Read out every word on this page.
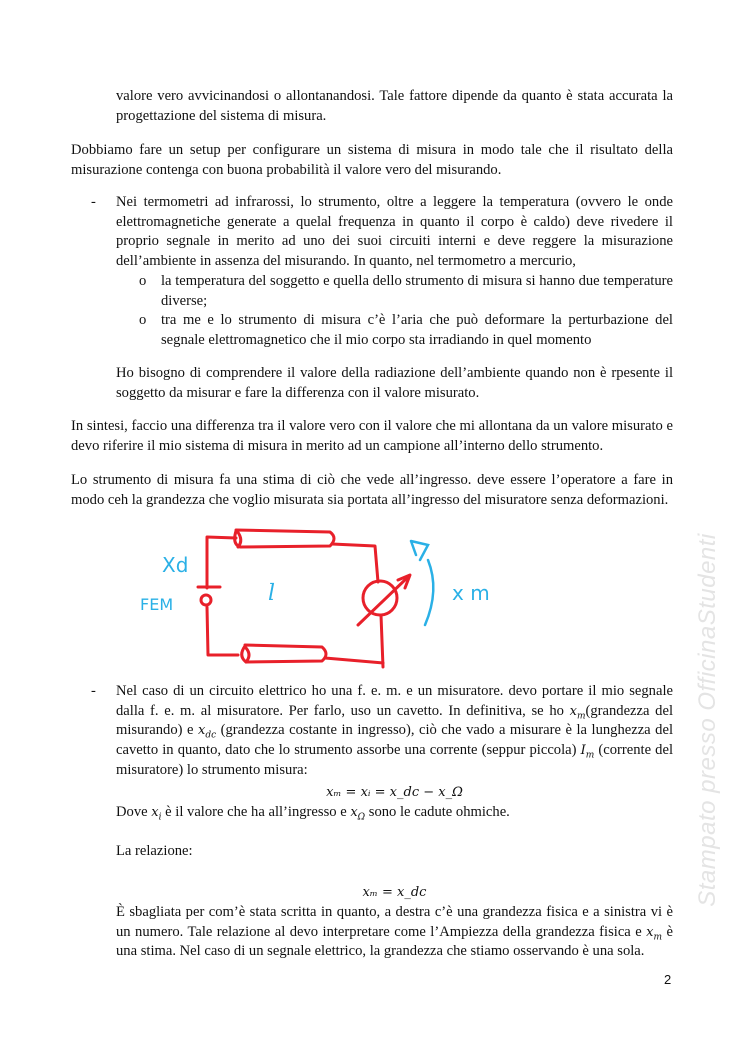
Stampato presso OfficinaStudenti
valore vero avvicinandosi o allontanandosi. Tale fattore dipende da quanto è stata accurata la progettazione del sistema di misura.
Dobbiamo fare un setup per configurare un sistema di misura in modo tale che il risultato della misurazione contenga con buona probabilità il valore vero del misurando.
- Nei termometri ad infrarossi, lo strumento, oltre a leggere la temperatura (ovvero le onde elettromagnetiche generate a quelal frequenza in quanto il corpo è caldo) deve rivedere il proprio segnale in merito ad uno dei suoi circuiti interni e deve reggere la misurazione dell’ambiente in assenza del misurando. In quanto, nel termometro a mercurio,
o la temperatura del soggetto e quella dello strumento di misura si hanno due temperature diverse;
o tra me e lo strumento di misura c’è l’aria che può deformare la perturbazione del segnale elettromagnetico che il mio corpo sta irradiando in quel momento
Ho bisogno di comprendere il valore della radiazione dell’ambiente quando non è rpesente il soggetto da misurar e fare la differenza con il valore misurato.
In sintesi, faccio una differenza tra il valore vero con il valore che mi allontana da un valore misurato e devo riferire il mio sistema di misura in merito ad un campione all’interno dello strumento.
Lo strumento di misura fa una stima di ciò che vede all’ingresso. deve essere l’operatore a fare in modo ceh la grandezza che voglio misurata sia portata all’ingresso del misuratore senza deformazioni.
Xd
FEM	l	x m
- Nel caso di un circuito elettrico ho una f. e. m. e un misuratore. devo portare il mio segnale dalla f. e. m. al misuratore. Per farlo, uso un cavetto. In definitiva, se ho $x_m(grandezza$ del misurando) e $x_{dc}$ (grandezza costante in ingresso), ciò che vado a misurare è la lunghezza del cavetto in quanto, dato che lo strumento assorbe una corrente (seppur piccola) $I_m$ (corrente del misuratore) lo strumento misura:
xₘ = xᵢ = x_dc − x_Ω
Dove $x_i$ è il valore che ha all’ingresso e $x_\Omega$ sono le cadute ohmiche.
La relazione:
xₘ = x_dc
È sbagliata per com’è stata scritta in quanto, a destra c’è una grandezza fisica e a sinistra vi è un numero. Tale relazione al devo interpretare come l’Ampiezza della grandezza fisica e $x_m$ è una stima. Nel caso di un segnale elettrico, la grandezza che stiamo osservando è una sola.
2
